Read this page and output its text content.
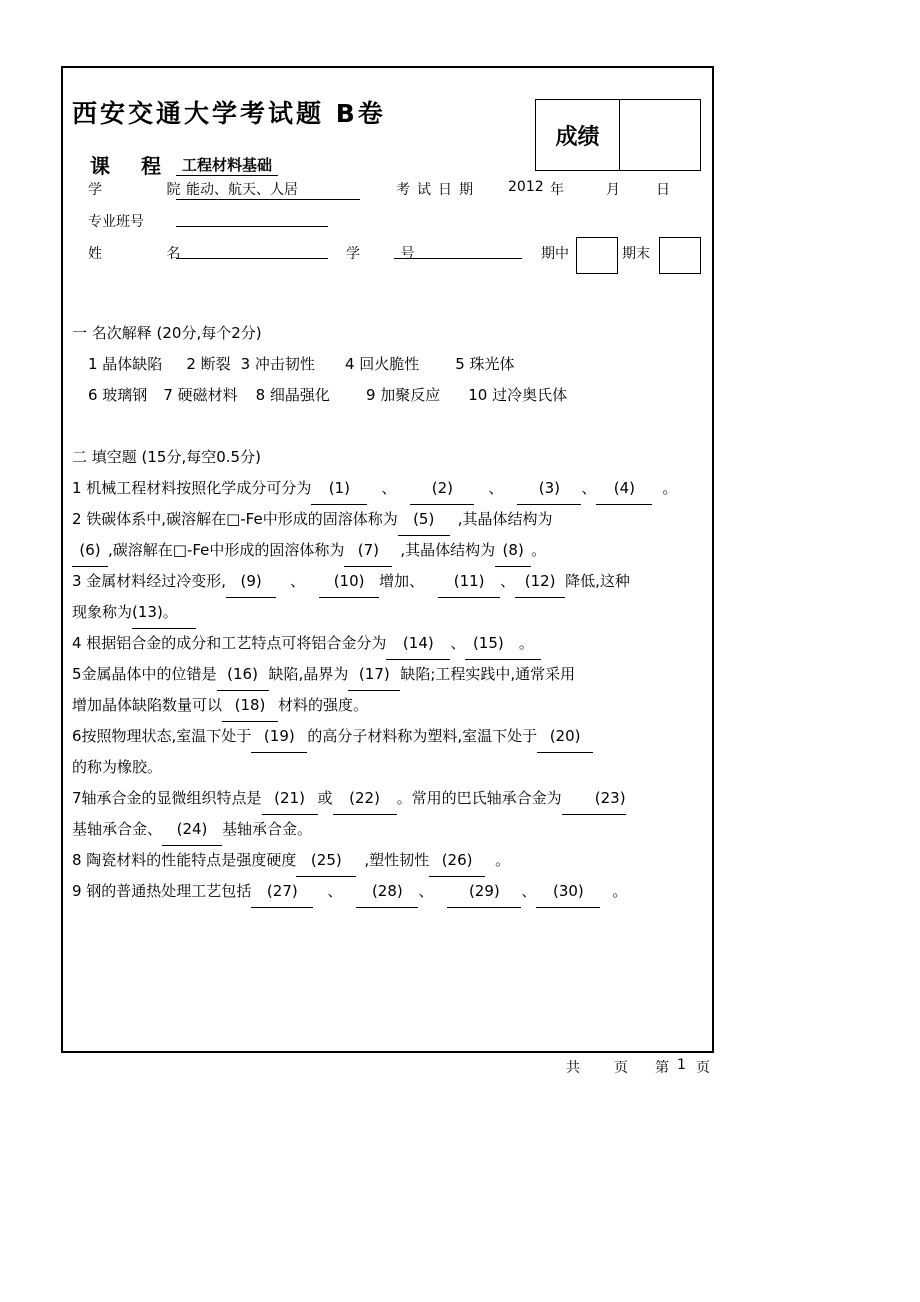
西安交通大学考试题 B卷
成绩
课 程 工程材料基础
学 院
能动、航天、人居	考试日期 2012 年	月	日
专业班号
姓 名	学 号	期中	期末
一 名次解释 (20分,每个2分)
1 晶体缺陷 2 断裂 3 冲击韧性 4 回火脆性 5 珠光体
6 玻璃钢 7 硬磁材料 8 细晶强化 9 加聚反应 10 过冷奥氏体
二 填空题 (15分,每空0.5分)
1 机械工程材料按照化学成分可分为 (1) 、 (2) 、 (3) 、 (4) 。
2 铁碳体系中,碳溶解在□-Fe中形成的固溶体称为 (5) ,其晶体结构为
(6) ,碳溶解在□-Fe中形成的固溶体称为 (7) ,其晶体结构为 (8) 。
3 金属材料经过冷变形, (9) 、 (10) 增加、 (11) 、 (12) 降低,这种
现象称为(13)。
4 根据铝合金的成分和工艺特点可将铝合金分为 (14) 、 (15) 。
5金属晶体中的位错是 (16) 缺陷,晶界为 (17) 缺陷;工程实践中,通常采用
增加晶体缺陷数量可以 (18) 材料的强度。
6按照物理状态,室温下处于 (19) 的高分子材料称为塑料,室温下处于 (20)
的称为橡胶。
7轴承合金的显微组织特点是 (21) 或 (22) 。常用的巴氏轴承合金为 (23)
基轴承合金、 (24) 基轴承合金。
8 陶瓷材料的性能特点是强度硬度 (25) ,塑性韧性 (26) 。
9 钢的普通热处理工艺包括 (27) 、 (28) 、 (29) 、 (30) 。
共 页 第 1 页
